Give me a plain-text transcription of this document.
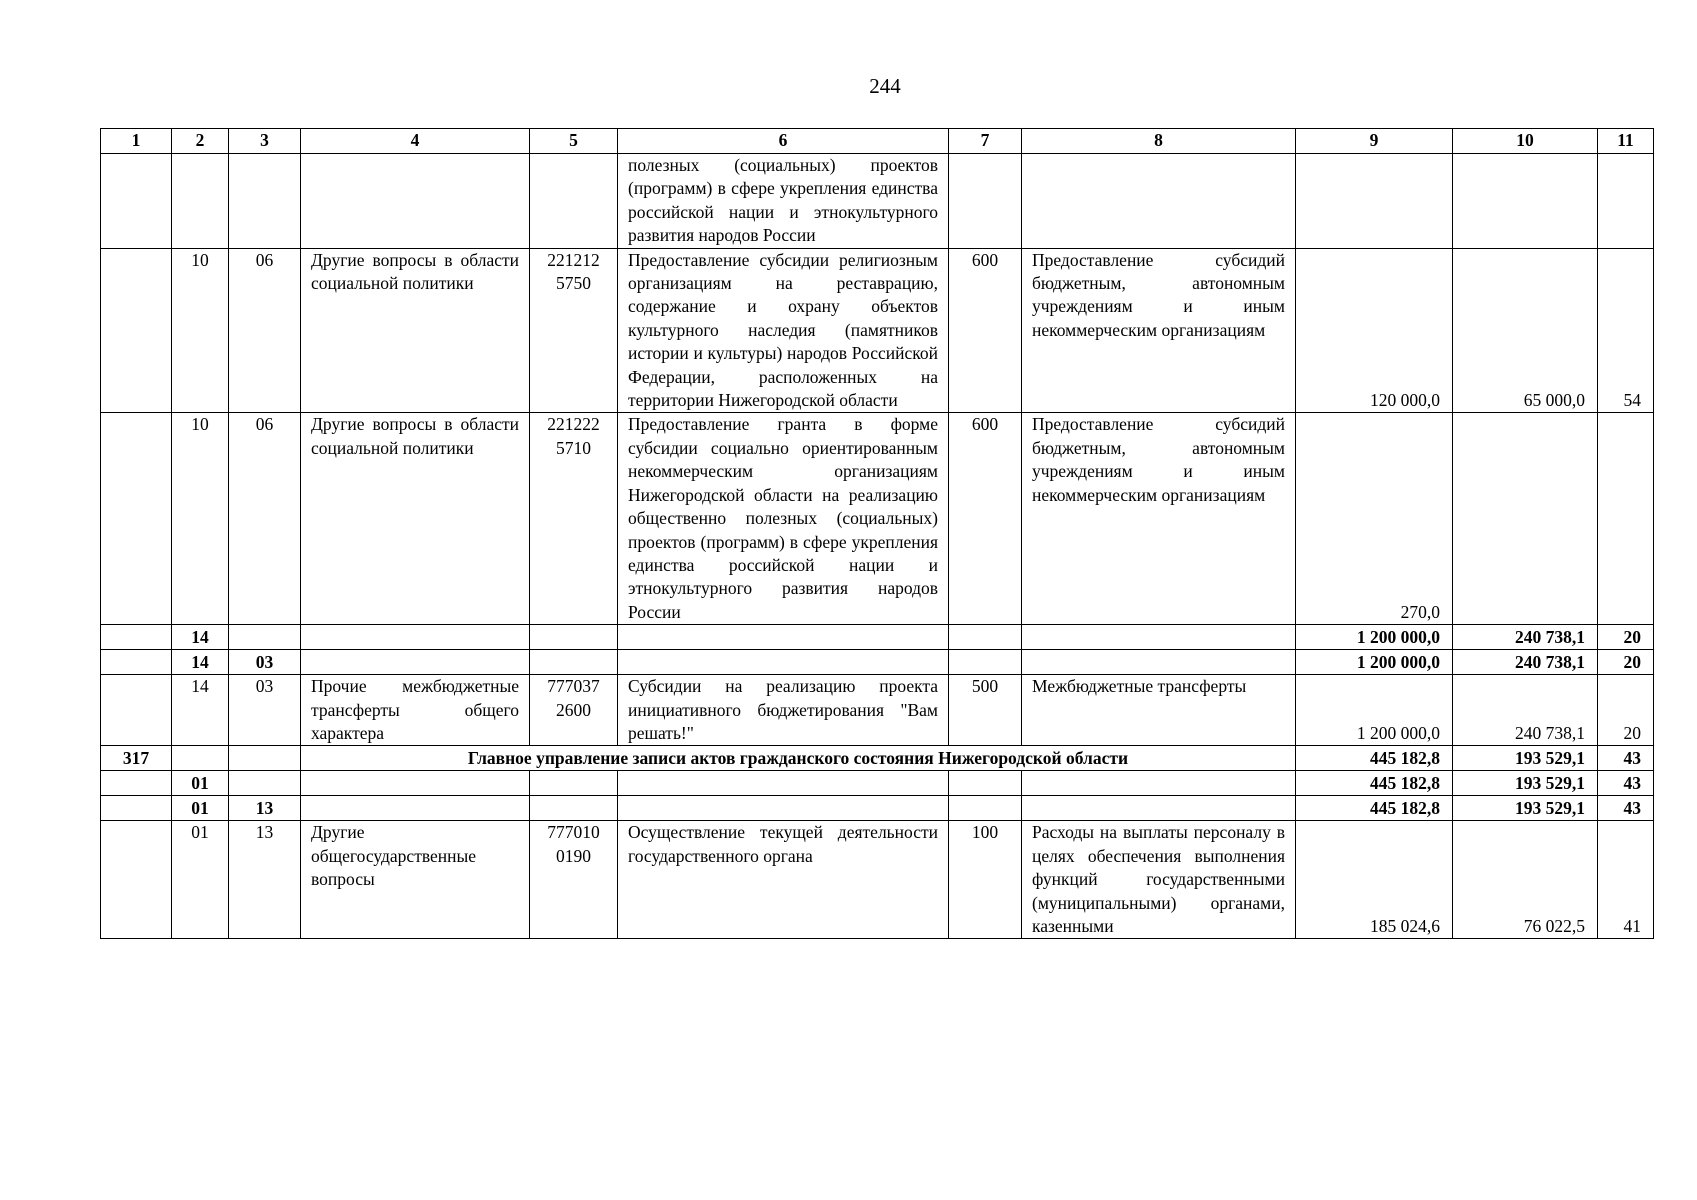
244
1	2	3	4	5	6	7	8	9	10	11
					полезных (социальных) проектов (программ) в сфере укрепления единства российской нации и этнокультурного развития народов России					
	10	06	Другие вопросы в области социальной политики	221212 5750	Предоставление субсидии религиозным организациям на реставрацию, содержание и охрану объектов культурного наследия (памятников истории и культуры) народов Российской Федерации, расположенных на территории Нижегородской области	600	Предоставление субсидий бюджетным, автономным учреждениям и иным некоммерческим организациям	120 000,0	65 000,0	54
	10	06	Другие вопросы в области социальной политики	221222 5710	Предоставление гранта в форме субсидии социально ориентированным некоммерческим организациям Нижегородской области на реализацию общественно полезных (социальных) проектов (программ) в сфере укрепления единства российской нации и этнокультурного развития народов России	600	Предоставление субсидий бюджетным, автономным учреждениям и иным некоммерческим организациям	270,0		
	14							1 200 000,0	240 738,1	20
	14	03						1 200 000,0	240 738,1	20
	14	03	Прочие межбюджетные трансферты общего характера	777037 2600	Субсидии на реализацию проекта инициативного бюджетирования "Вам решать!"	500	Межбюджетные трансферты	1 200 000,0	240 738,1	20
317			Главное управление записи актов гражданского состояния Нижегородской области					445 182,8	193 529,1	43
	01							445 182,8	193 529,1	43
	01	13						445 182,8	193 529,1	43
	01	13	Другие общегосударственные вопросы	777010 0190	Осуществление текущей деятельности государственного органа	100	Расходы на выплаты персоналу в целях обеспечения выполнения функций государственными (муниципальными) органами, казенными	185 024,6	76 022,5	41
